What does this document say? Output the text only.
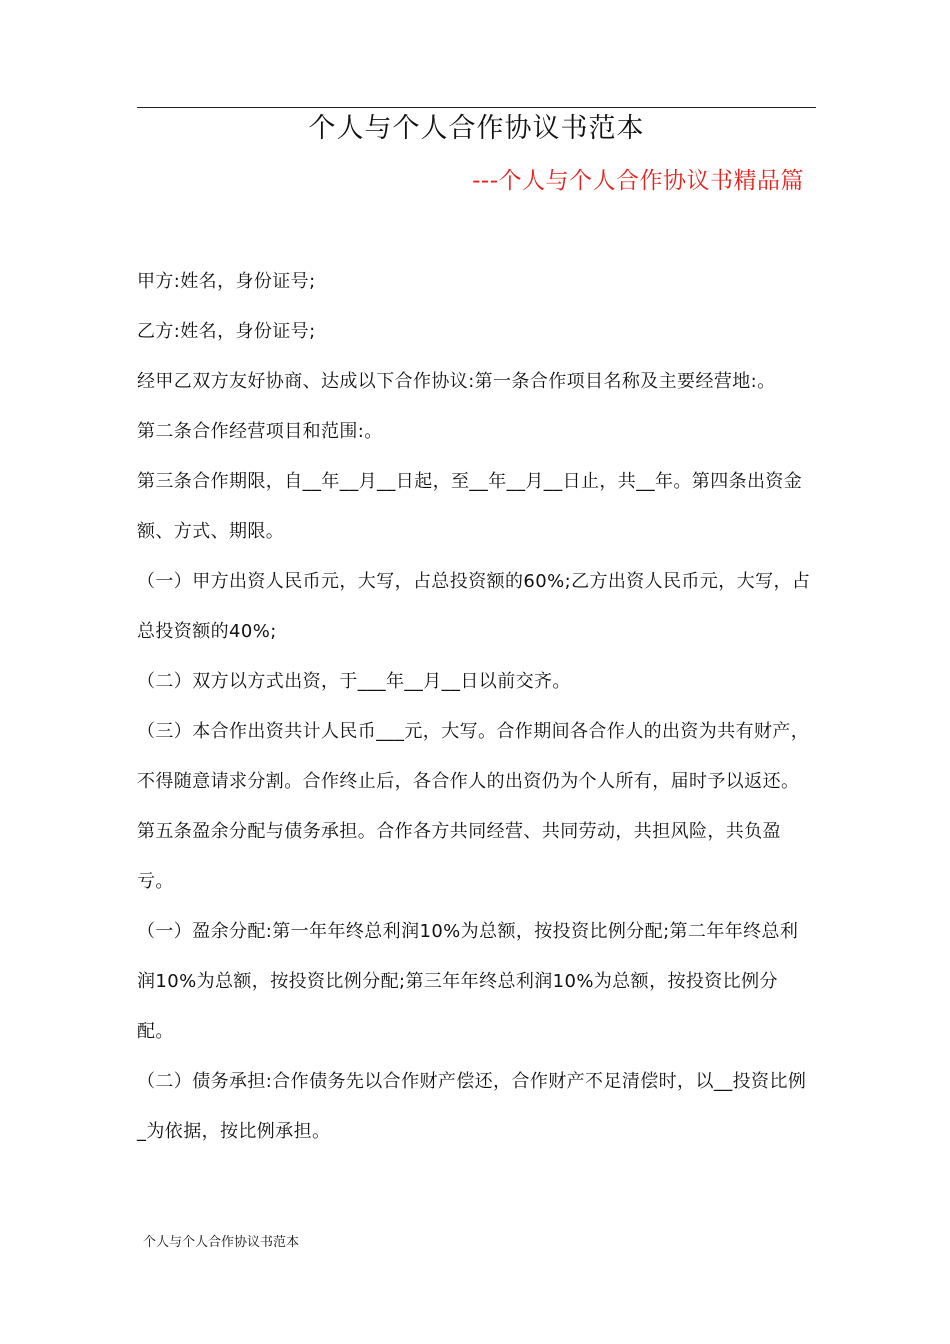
个人与个人合作协议书范本
---个人与个人合作协议书精品篇

甲方:姓名，身份证号;

乙方:姓名，身份证号;

经甲乙双方友好协商、达成以下合作协议:第一条合作项目名称及主要经营地:。

第二条合作经营项目和范围:。

第三条合作期限，自__年__月__日起，至__年__月__日止，共__年。第四条出资金额、方式、期限。

（一）甲方出资人民币元，大写，占总投资额的60%;乙方出资人民币元，大写，占总投资额的40%;

（二）双方以方式出资，于___年__月__日以前交齐。

（三）本合作出资共计人民币___元，大写。合作期间各合作人的出资为共有财产，不得随意请求分割。合作终止后，各合作人的出资仍为个人所有，届时予以返还。第五条盈余分配与债务承担。合作各方共同经营、共同劳动，共担风险，共负盈亏。

（一）盈余分配:第一年年终总利润10%为总额，按投资比例分配;第二年年终总利润10%为总额，按投资比例分配;第三年年终总利润10%为总额，按投资比例分配。

（二）债务承担:合作债务先以合作财产偿还，合作财产不足清偿时，以__投资比例_为依据，按比例承担。

个人与个人合作协议书范本
